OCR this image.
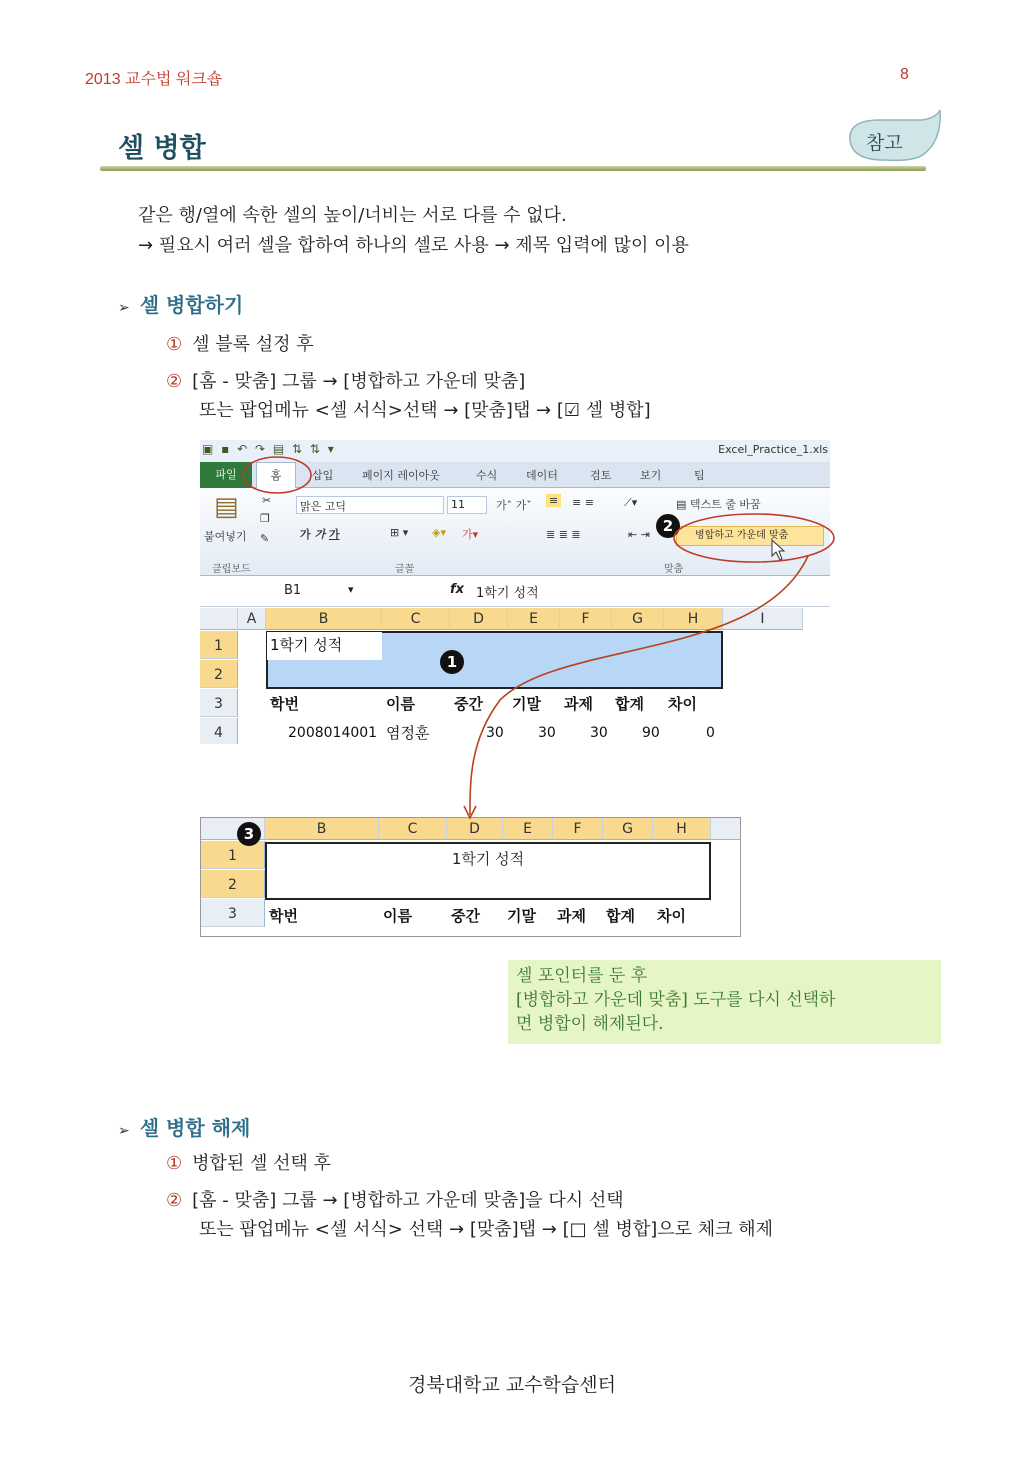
2013 교수법 워크숍	8
셀 병합	참고
같은 행/열에 속한 셀의 높이/너비는 서로 다를 수 없다.
→ 필요시 여러 셀을 합하여 하나의 셀로 사용 → 제목 입력에 많이 이용
➢ 셀 병합하기
① 셀 블록 설정 후
② [홈 - 맞춤] 그룹 → [병합하고 가운데 맞춤]
또는 팝업메뉴 <셀 서식>선택 → [맞춤]탭 → [☑ 셀 병합]
▣ ▪ ↶ ↷ ▤ ⇅ ⇅ ▾	Excel_Practice_1.xls
파일	홈	삽입	페이지 레이아웃	수식	데이터	검토	보기	팀
▤
붙여넣기
✂
❐
✎
맑은 고딕	11	가ˆ 가ˇ
가 가 가	⊞ ▾ ◈▾ 가▾
≡ ≡ ≡	⟋▾
≣ ≣ ≣	⇤ ⇥
▤ 텍스트 줄 바꿈
병합하고 가운데 맞춤
클립보드	글꼴	맞춤
2
B1	▾	fx 1학기 성적
A	B	C	D	E	F	G	H	I
1
2
3
4
1학기 성적
1
학번	이름	중간 기말 과제 합계 차이
2008014001 염정훈	30 30 30 90	0
B	C	D	E	F	G	H
1
2
3
1학기 성적
3
학번	이름	중간 기말 과제 합계 차이
셀 포인터를 둔 후
[병합하고 가운데 맞춤] 도구를 다시 선택하
면 병합이 해제된다.
➢ 셀 병합 해제
① 병합된 셀 선택 후
② [홈 - 맞춤] 그룹 → [병합하고 가운데 맞춤]을 다시 선택
또는 팝업메뉴 <셀 서식> 선택 → [맞춤]탭 → [□ 셀 병합]으로 체크 해제
경북대학교 교수학습센터
